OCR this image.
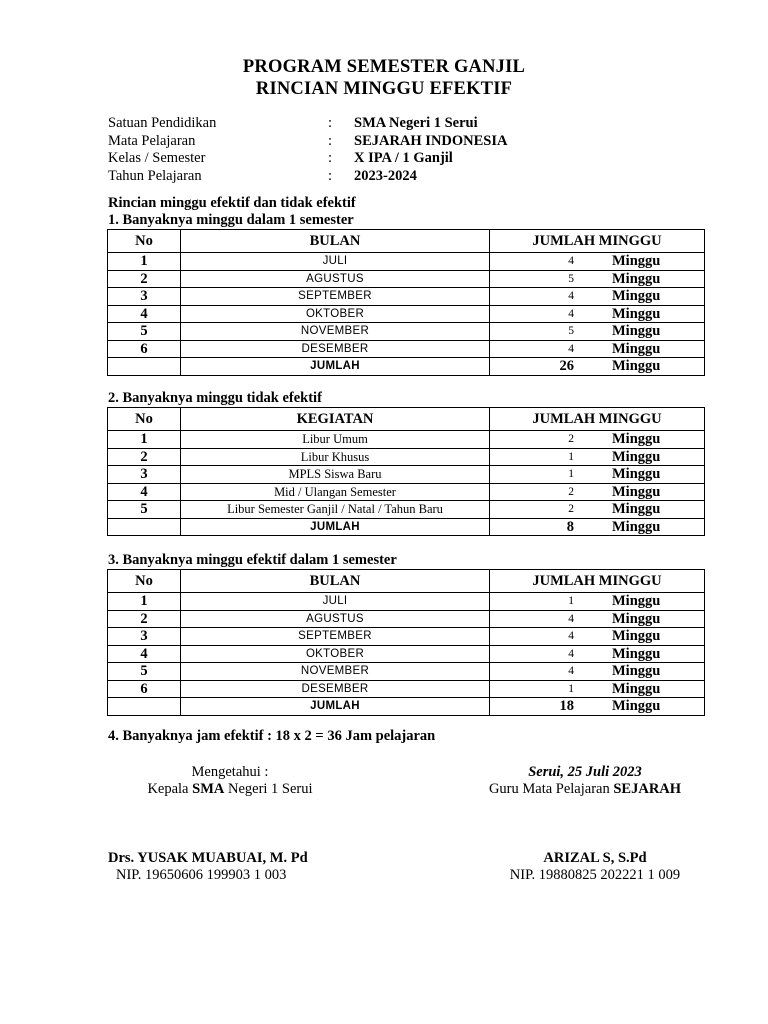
PROGRAM SEMESTER GANJIL
RINCIAN MINGGU EFEKTIF
Satuan Pendidikan	: SMA Negeri 1 Serui
Mata Pelajaran	: SEJARAH INDONESIA
Kelas / Semester	: X IPA / 1 Ganjil
Tahun Pelajaran	: 2023-2024
Rincian minggu efektif dan tidak efektif
1. Banyaknya minggu dalam 1 semester
No	BULAN	JUMLAH MINGGU
1	JULI	4 Minggu

2	AGUSTUS	5 Minggu

3	SEPTEMBER	4 Minggu

4	OKTOBER	4 Minggu

5	NOVEMBER	5 Minggu

6	DESEMBER	4 Minggu

	JUMLAH	26 Minggu
2. Banyaknya minggu tidak efektif
No	KEGIATAN	JUMLAH MINGGU
1	Libur Umum	2 Minggu

2	Libur Khusus	1 Minggu

3	MPLS Siswa Baru	1 Minggu

4	Mid / Ulangan Semester	2 Minggu

5	Libur Semester Ganjil / Natal / Tahun Baru	2 Minggu

	JUMLAH	8 Minggu
3. Banyaknya minggu efektif dalam 1 semester
No	BULAN	JUMLAH MINGGU
1	JULI	1 Minggu

2	AGUSTUS	4 Minggu

3	SEPTEMBER	4 Minggu

4	OKTOBER	4 Minggu

5	NOVEMBER	4 Minggu

6	DESEMBER	1 Minggu

	JUMLAH	18 Minggu
4. Banyaknya jam efektif : 18 x 2 = 36 Jam pelajaran
Mengetahui :
Kepala SMA Negeri 1 Serui
Serui, 25 Juli 2023
Guru Mata Pelajaran SEJARAH
Drs. YUSAK MUABUAI, M. Pd
NIP. 19650606 199903 1 003
ARIZAL S, S.Pd
NIP. 19880825 202221 1 009
